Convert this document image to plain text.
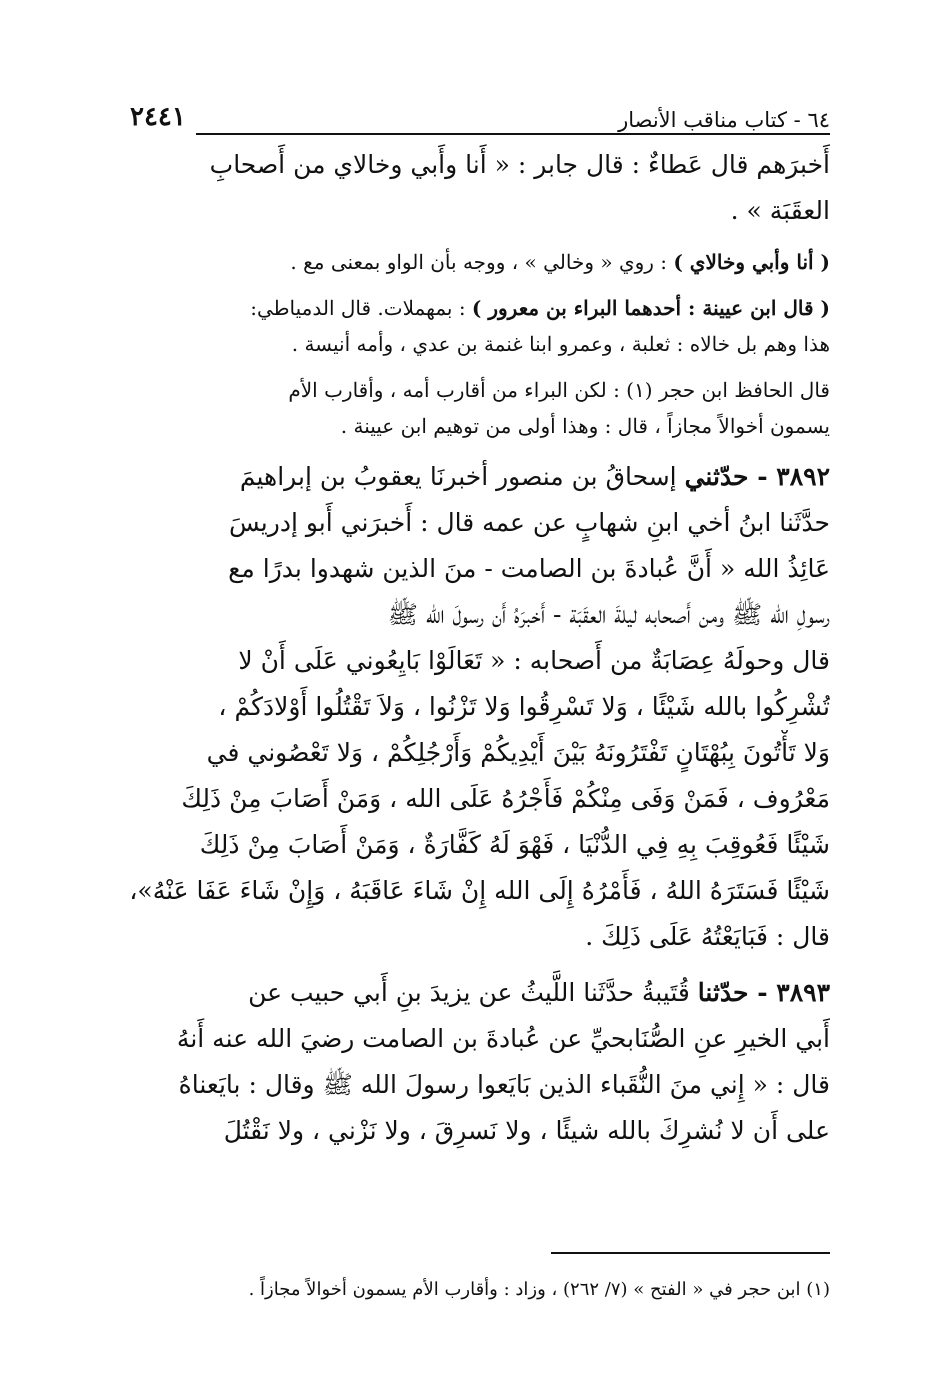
٦٤ - كتاب مناقب الأنصار
٢٤٤١

أَخبرَهم قال عَطاءٌ : قال جابر : « أَنا وأَبي وخالاي من أَصحابِ

العقَبَة » .

( أنا وأبي وخالاي ) : روي « وخالي » ، ووجه بأن الواو بمعنى مع .

( قال ابن عيينة : أحدهما البراء بن معرور ) : بمهملات. قال الدمياطي:

هذا وهم بل خالاه : ثعلبة ، وعمرو ابنا غنمة بن عدي ، وأمه أنيسة .

قال الحافظ ابن حجر (١) : لكن البراء من أقارب أمه ، وأقارب الأم

يسمون أخوالاً مجازاً ، قال : وهذا أولى من توهيم ابن عيينة .

٣٨٩٢ - حدّثني إسحاقُ بن منصور أخبرنَا يعقوبُ بن إبراهيمَ

حدَّثَنا ابنُ أخي ابنِ شهابٍ عن عمه قال : أَخبرَني أَبو إدريسَ

عَائِذُ الله « أَنَّ عُبادةَ بن الصامت - منَ الذين شهدوا بدرًا مع

رسولِ الله ﷺ ومن أَصحابه ليلةَ العقَبَة - أَخبرَهُ أَن رسولَ الله ﷺ

قال وحولَهُ عِصَابَةٌ من أَصحابه : « تَعَالَوْا بَايِعُوني عَلَى أَنْ لا

تُشْرِكُوا بالله شَيْئًا ، وَلا تَسْرِقُوا وَلا تَزْنُوا ، وَلاَ تَقْتُلُوا أَوْلادَكُمْ ،

وَلا تَأْتُونَ بِبُهْتَانٍ تَفْتَرُونَهُ بَيْنَ أَيْدِيكُمْ وَأَرْجُلِكُمْ ، وَلا تَعْصُوني في

مَعْرُوف ، فَمَنْ وَفَى مِنْكُمْ فَأَجْرُهُ عَلَى الله ، وَمَنْ أَصَابَ مِنْ ذَلِكَ

شَيْئًا فَعُوقِبَ بِهِ فِي الدُّنْيَا ، فَهْوَ لَهُ كَفَّارَةٌ ، وَمَنْ أَصَابَ مِنْ ذَلِكَ

شَيْئًا فَسَتَرَهُ اللهُ ، فَأَمْرُهُ إِلَى الله إِنْ شَاءَ عَاقَبَهُ ، وَإِنْ شَاءَ عَفَا عَنْهُ»،

قال : فَبَايَعْتُهُ عَلَى ذَلِكَ .

٣٨٩٣ - حدّثنا قُتَيبةُ حدَّثَنا اللَّيثُ عن يزيدَ بنِ أَبي حبيب عن

أَبي الخيرِ عنِ الصُّنَابحيِّ عن عُبادةَ بن الصامت رضيَ الله عنه أَنهُ

قال : « إِني منَ النُّقَباء الذين بَايَعوا رسولَ الله ﷺ وقال : بايَعناهُ

على أَن لا نُشرِكَ بالله شيئًا ، ولا نَسرِقَ ، ولا نَزْني ، ولا نَقْتُلَ

(١) ابن حجر في « الفتح » (٧/ ٢٦٢) ، وزاد : وأقارب الأم يسمون أخوالاً مجازاً .
